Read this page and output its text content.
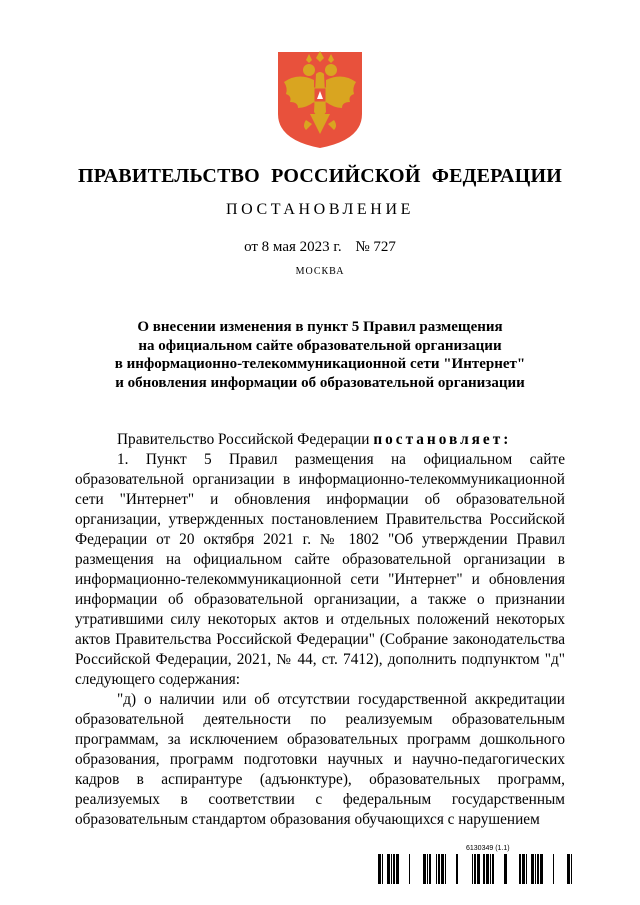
ПРАВИТЕЛЬСТВО РОССИЙСКОЙ ФЕДЕРАЦИИ
ПОСТАНОВЛЕНИЕ
от 8 мая 2023 г. № 727
МОСКВА
О внесении изменения в пункт 5 Правил размещения
на официальном сайте образовательной организации
в информационно-телекоммуникационной сети "Интернет"
и обновления информации об образовательной организации

Правительство Российской Федерации постановляет:

1. Пункт 5 Правил размещения на официальном сайте образовательной организации в информационно-телекоммуникационной сети "Интернет" и обновления информации об образовательной организации, утвержденных постановлением Правительства Российской Федерации от 20 октября 2021 г. № 1802 "Об утверждении Правил размещения на официальном сайте образовательной организации в информационно-телекоммуникационной сети "Интернет" и обновления информации об образовательной организации, а также о признании утратившими силу некоторых актов и отдельных положений некоторых актов Правительства Российской Федерации" (Собрание законодательства Российской Федерации, 2021, № 44, ст. 7412), дополнить подпунктом "д" следующего содержания:

"д) о наличии или об отсутствии государственной аккредитации образовательной деятельности по реализуемым образовательным программам, за исключением образовательных программ дошкольного образования, программ подготовки научных и научно-педагогических кадров в аспирантуре (адъюнктуре), образовательных программ, реализуемых в соответствии с федеральным государственным образовательным стандартом образования обучающихся с нарушением

6130349 (1.1)
